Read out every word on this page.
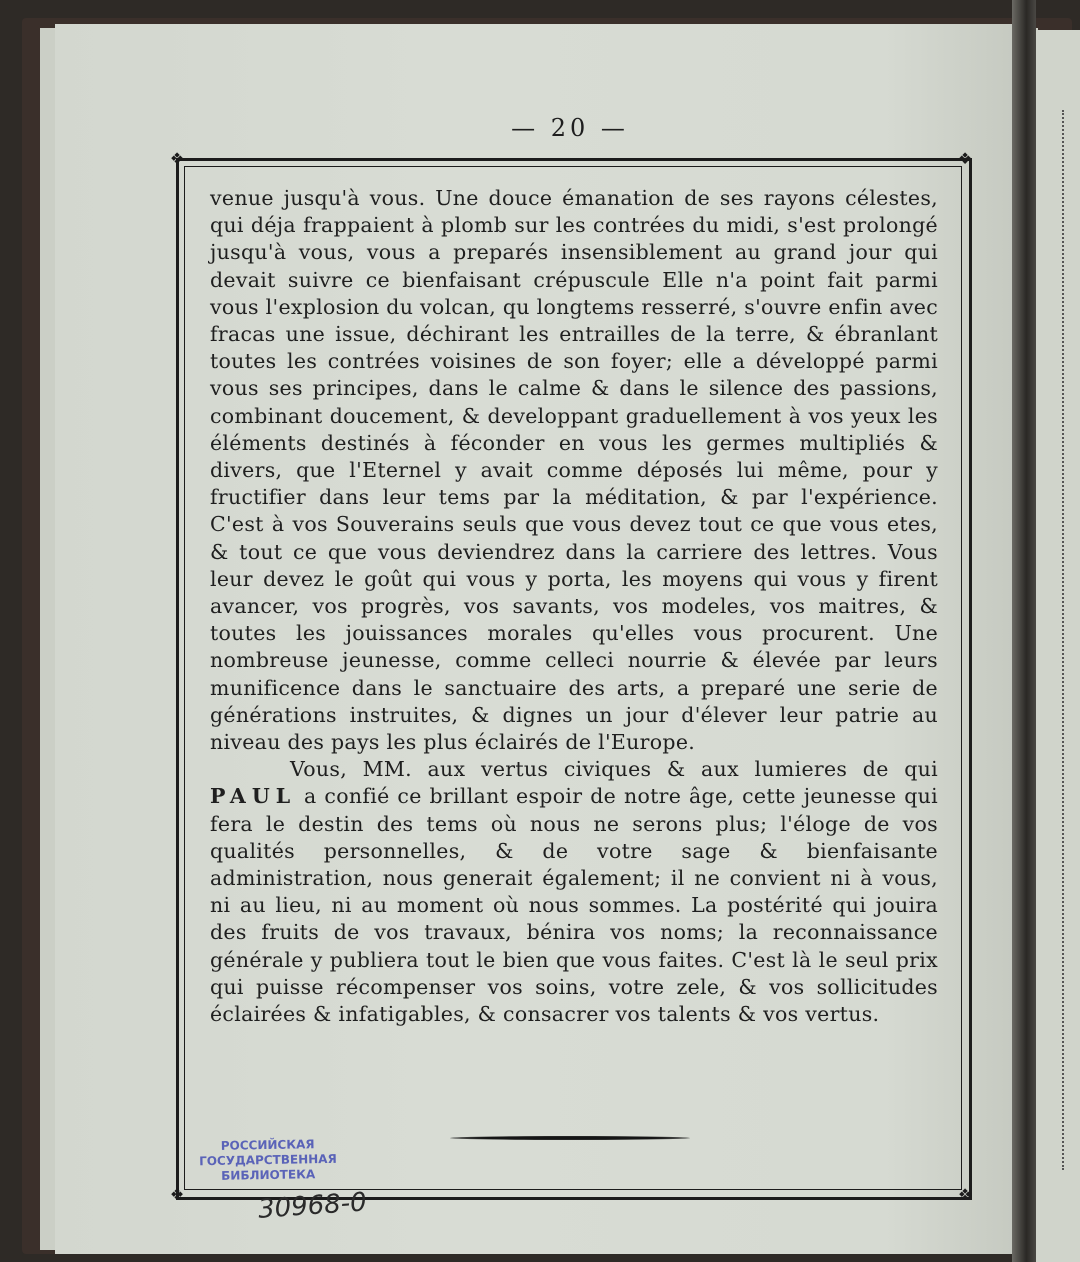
— 20 —
❖	❖
❖	❖

venue jusqu'à vous. Une douce émanation de ses rayons célestes, qui déja frappaient à plomb sur les contrées du midi, s'est prolongé jusqu'à vous, vous a preparés insensiblement au grand jour qui devait suivre ce bienfaisant crépuscule Elle n'a point fait parmi vous l'explosion du volcan, qu longtems resserré, s'ouvre enfin avec fracas une issue, déchirant les entrailles de la terre, & ébranlant toutes les contrées voisines de son foyer; elle a développé parmi vous ses principes, dans le calme & dans le silence des passions, combinant doucement, & developpant graduellement à vos yeux les éléments destinés à féconder en vous les germes multipliés & divers, que l'Eternel y avait comme déposés lui même, pour y fructifier dans leur tems par la méditation, & par l'expérience. C'est à vos Souverains seuls que vous devez tout ce que vous etes, & tout ce que vous deviendrez dans la carriere des lettres. Vous leur devez le goût qui vous y porta, les moyens qui vous y firent avancer, vos progrès, vos savants, vos modeles, vos maitres, & toutes les jouissances morales qu'elles vous procurent. Une nombreuse jeunesse, comme celleci nourrie & élevée par leurs munificence dans le sanctuaire des arts, a preparé une serie de générations instruites, & dignes un jour d'élever leur patrie au niveau des pays les plus éclairés de l'Europe.

Vous, MM. aux vertus civiques & aux lumieres de qui PAUL a confié ce brillant espoir de notre âge, cette jeunesse qui fera le destin des tems où nous ne serons plus; l'éloge de vos qualités personnelles, & de votre sage & bienfaisante administration, nous generait également; il ne convient ni à vous, ni au lieu, ni au moment où nous sommes. La postérité qui jouira des fruits de vos travaux, bénira vos noms; la reconnaissance générale y publiera tout le bien que vous faites. C'est là le seul prix qui puisse récompenser vos soins, votre zele, & vos sollicitudes éclairées & infatigables, & consacrer vos talents & vos vertus.

РОССИЙСКАЯ
ГОСУДАРСТВЕННАЯ
БИБЛИОТЕКА
30968-0
